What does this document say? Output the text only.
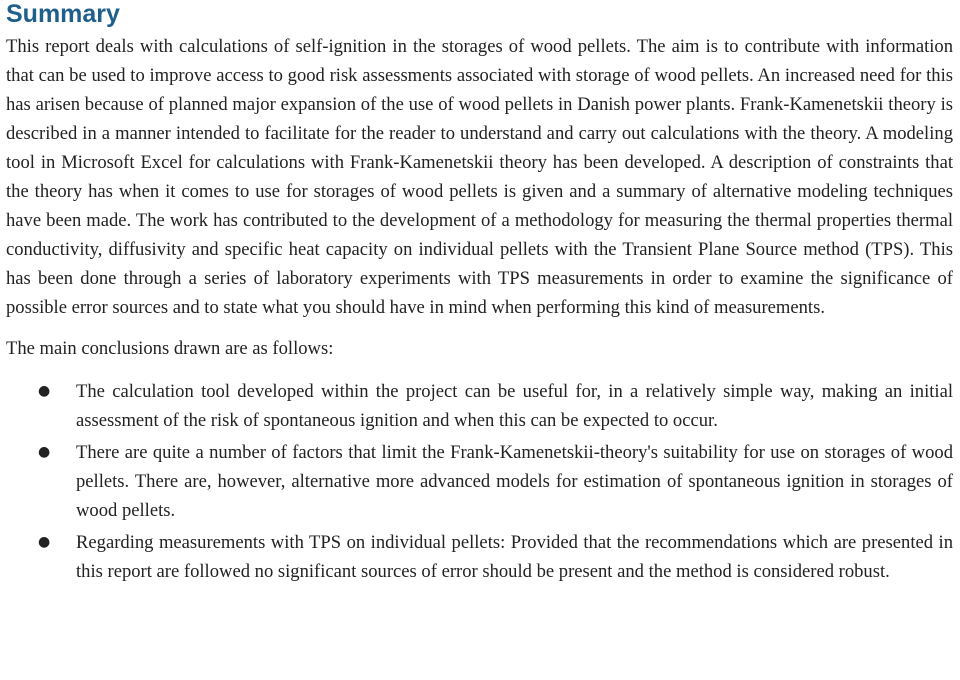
Summary

This report deals with calculations of self-ignition in the storages of wood pellets. The aim is to contribute with information that can be used to improve access to good risk assessments associated with storage of wood pellets. An increased need for this has arisen because of planned major expansion of the use of wood pellets in Danish power plants. Frank-Kamenetskii theory is described in a manner intended to facilitate for the reader to understand and carry out calculations with the theory. A modeling tool in Microsoft Excel for calculations with Frank-Kamenetskii theory has been developed. A description of constraints that the theory has when it comes to use for storages of wood pellets is given and a summary of alternative modeling techniques have been made. The work has contributed to the development of a methodology for measuring the thermal properties thermal conductivity, diffusivity and specific heat capacity on individual pellets with the Transient Plane Source method (TPS). This has been done through a series of laboratory experiments with TPS measurements in order to examine the significance of possible error sources and to state what you should have in mind when performing this kind of measurements.

The main conclusions drawn are as follows:

● The calculation tool developed within the project can be useful for, in a relatively simple way, making an initial assessment of the risk of spontaneous ignition and when this can be expected to occur.
● There are quite a number of factors that limit the Frank-Kamenetskii-theory's suitability for use on storages of wood pellets. There are, however, alternative more advanced models for estimation of spontaneous ignition in storages of wood pellets.
● Regarding measurements with TPS on individual pellets: Provided that the recommendations which are presented in this report are followed no significant sources of error should be present and the method is considered robust.
